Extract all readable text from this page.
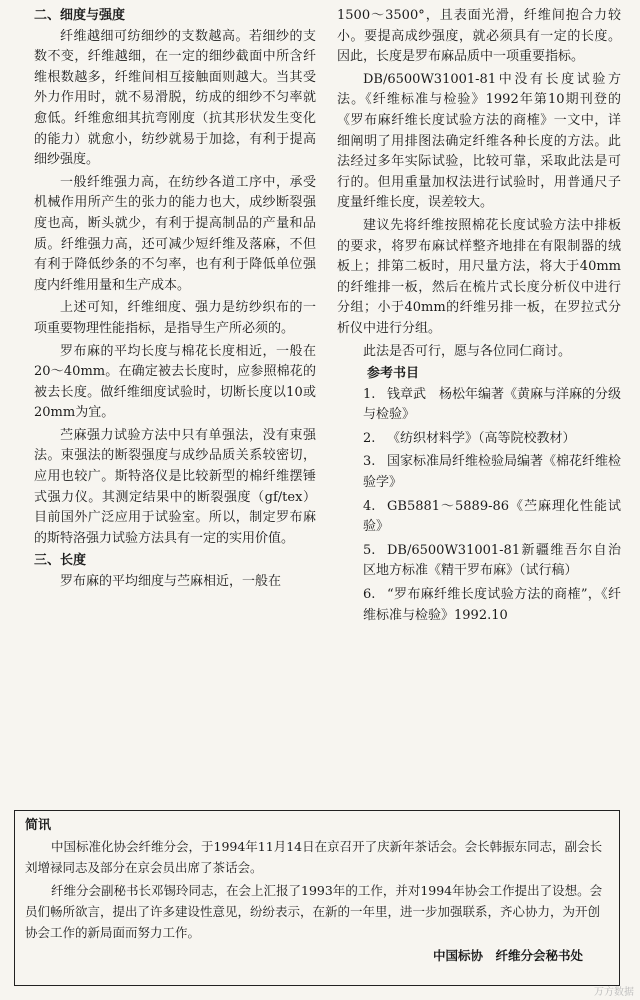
二、细度与强度

纤维越细可纺细纱的支数越高。若细纱的支数不变，纤维越细，在一定的细纱截面中所含纤维根数越多，纤维间相互接触面则越大。当其受外力作用时，就不易滑脱，纺成的细纱不匀率就愈低。纤维愈细其抗弯刚度（抗其形状发生变化的能力）就愈小，纺纱就易于加捻，有利于提高细纱强度。

一般纤维强力高，在纺纱各道工序中，承受机械作用所产生的张力的能力也大，成纱断裂强度也高，断头就少，有利于提高制品的产量和品质。纤维强力高，还可减少短纤维及落麻，不但有利于降低纱条的不匀率，也有利于降低单位强度内纤维用量和生产成本。

上述可知，纤维细度、强力是纺纱织布的一项重要物理性能指标，是指导生产所必须的。

罗布麻的平均长度与棉花长度相近，一般在20～40mm。在确定被去长度时，应参照棉花的被去长度。做纤维细度试验时，切断长度以10或20mm为宜。

苎麻强力试验方法中只有单强法，没有束强法。束强法的断裂强度与成纱品质关系较密切，应用也较广。斯特洛仪是比较新型的棉纤维摆锤式强力仪。其测定结果中的断裂强度（gf/tex）目前国外广泛应用于试验室。所以，制定罗布麻的斯特洛强力试验方法具有一定的实用价值。

三、长度

罗布麻的平均细度与苎麻相近，一般在

1500～3500°，且表面光滑，纤维间抱合力较小。要提高成纱强度，就必须具有一定的长度。因此，长度是罗布麻品质中一项重要指标。

DB/6500W31001-81中没有长度试验方法。《纤维标准与检验》1992年第10期刊登的《罗布麻纤维长度试验方法的商榷》一文中，详细阐明了用排图法确定纤维各种长度的方法。此法经过多年实际试验，比较可靠，采取此法是可行的。但用重量加权法进行试验时，用普通尺子度量纤维长度，误差较大。

建议先将纤维按照棉花长度试验方法中排板的要求，将罗布麻试样整齐地排在有限制器的绒板上；排第二板时，用尺量方法，将大于40mm的纤维排一板，然后在梳片式长度分析仪中进行分组；小于40mm的纤维另排一板，在罗拉式分析仪中进行分组。

此法是否可行，愿与各位同仁商讨。

参考书目
1. 钱章武　杨松年编著《黄麻与洋麻的分级与检验》
2. 《纺织材料学》（高等院校教材）
3. 国家标准局纤维检验局编著《棉花纤维检验学》
4. GB5881～5889-86《苎麻理化性能试验》
5. DB/6500W31001-81新疆维吾尔自治区地方标准《精干罗布麻》（试行稿）
6. “罗布麻纤维长度试验方法的商榷”，《纤维标准与检验》1992.10
简讯

中国标准化协会纤维分会，于1994年11月14日在京召开了庆新年茶话会。会长韩振东同志，副会长刘增禄同志及部分在京会员出席了茶话会。

纤维分会副秘书长邓锡玲同志，在会上汇报了1993年的工作，并对1994年协会工作提出了设想。会员们畅所欲言，提出了许多建设性意见，纷纷表示，在新的一年里，进一步加强联系，齐心协力，为开创协会工作的新局面而努力工作。

中国标协　纤维分会秘书处
万方数据
